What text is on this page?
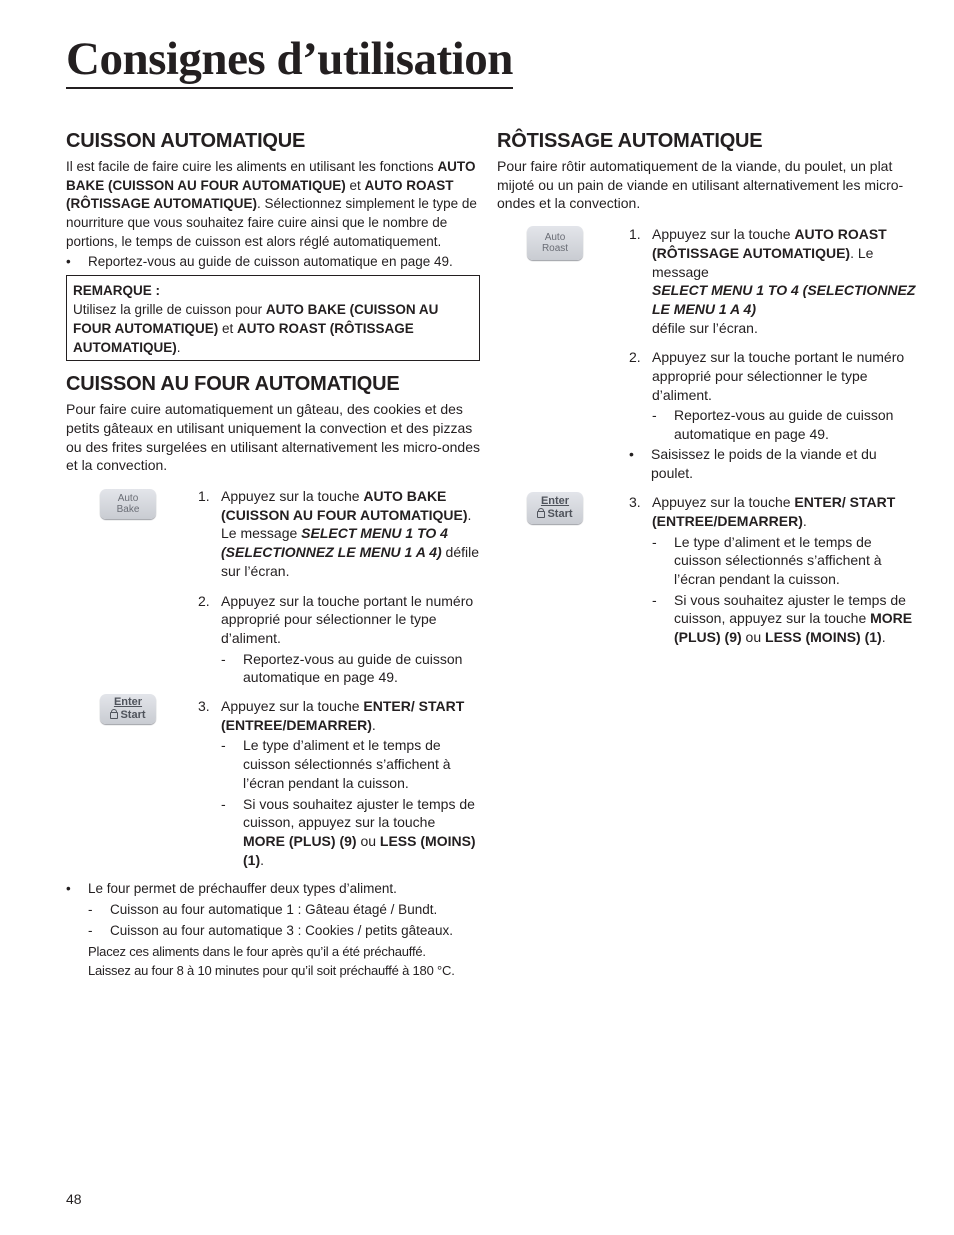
Consignes d’utilisation
CUISSON AUTOMATIQUE

Il est facile de faire cuire les aliments en utilisant les fonctions AUTO BAKE (CUISSON AU FOUR AUTOMATIQUE) et AUTO ROAST (RÔTISSAGE AUTOMATIQUE). Sélectionnez simplement le type de nourriture que vous souhaitez faire cuire ainsi que le nombre de portions, le temps de cuisson est alors réglé automatiquement.

• Reportez-vous au guide de cuisson automatique en page 49.

REMARQUE :
Utilisez la grille de cuisson pour AUTO BAKE (CUISSON AU FOUR AUTOMATIQUE) et AUTO ROAST (RÔTISSAGE AUTOMATIQUE).
CUISSON AU FOUR AUTOMATIQUE

Pour faire cuire automatiquement un gâteau, des cookies et des petits gâteaux en utilisant uniquement la convection et des pizzas ou des frites surgelées en utilisant alternativement les micro-ondes et la convection.

Auto
Bake
1. Appuyez sur la touche AUTO BAKE (CUISSON AU FOUR AUTOMATIQUE). Le message SELECT MENU 1 TO 4 (SELECTIONNEZ LE MENU 1 A 4) défile sur l’écran.
2. Appuyez sur la touche portant le numéro approprié pour sélectionner le type d’aliment.
- Reportez-vous au guide de cuisson automatique en page 49.
Enter
Start
3. Appuyez sur la touche ENTER/ START (ENTREE/DEMARRER).
- Le type d’aliment et le temps de cuisson sélectionnés s’affichent à l’écran pendant la cuisson.
- Si vous souhaitez ajuster le temps de cuisson, appuyez sur la touche MORE (PLUS) (9) ou LESS (MOINS) (1).

• Le four permet de préchauffer deux types d’aliment.

- Cuisson au four automatique 1 : Gâteau étagé / Bundt.

- Cuisson au four automatique 3 : Cookies / petits gâteaux.

Placez ces aliments dans le four après qu’il a été préchauffé.

Laissez au four 8 à 10 minutes pour qu’il soit préchauffé à 180 °C.

RÔTISSAGE AUTOMATIQUE

Pour faire rôtir automatiquement de la viande, du poulet, un plat mijoté ou un pain de viande en utilisant alternativement les micro-ondes et la convection.

Auto
Roast
1. Appuyez sur la touche AUTO ROAST (RÔTISSAGE AUTOMATIQUE). Le message
SELECT MENU 1 TO 4 (SELECTIONNEZ LE MENU 1 A 4)
défile sur l’écran.
2. Appuyez sur la touche portant le numéro approprié pour sélectionner le type d’aliment.
- Reportez-vous au guide de cuisson automatique en page 49.
• Saisissez le poids de la viande et du poulet.
Enter
Start
3. Appuyez sur la touche ENTER/ START (ENTREE/DEMARRER).
- Le type d’aliment et le temps de cuisson sélectionnés s’affichent à l’écran pendant la cuisson.
- Si vous souhaitez ajuster le temps de cuisson, appuyez sur la touche MORE (PLUS) (9) ou LESS (MOINS) (1).
48
